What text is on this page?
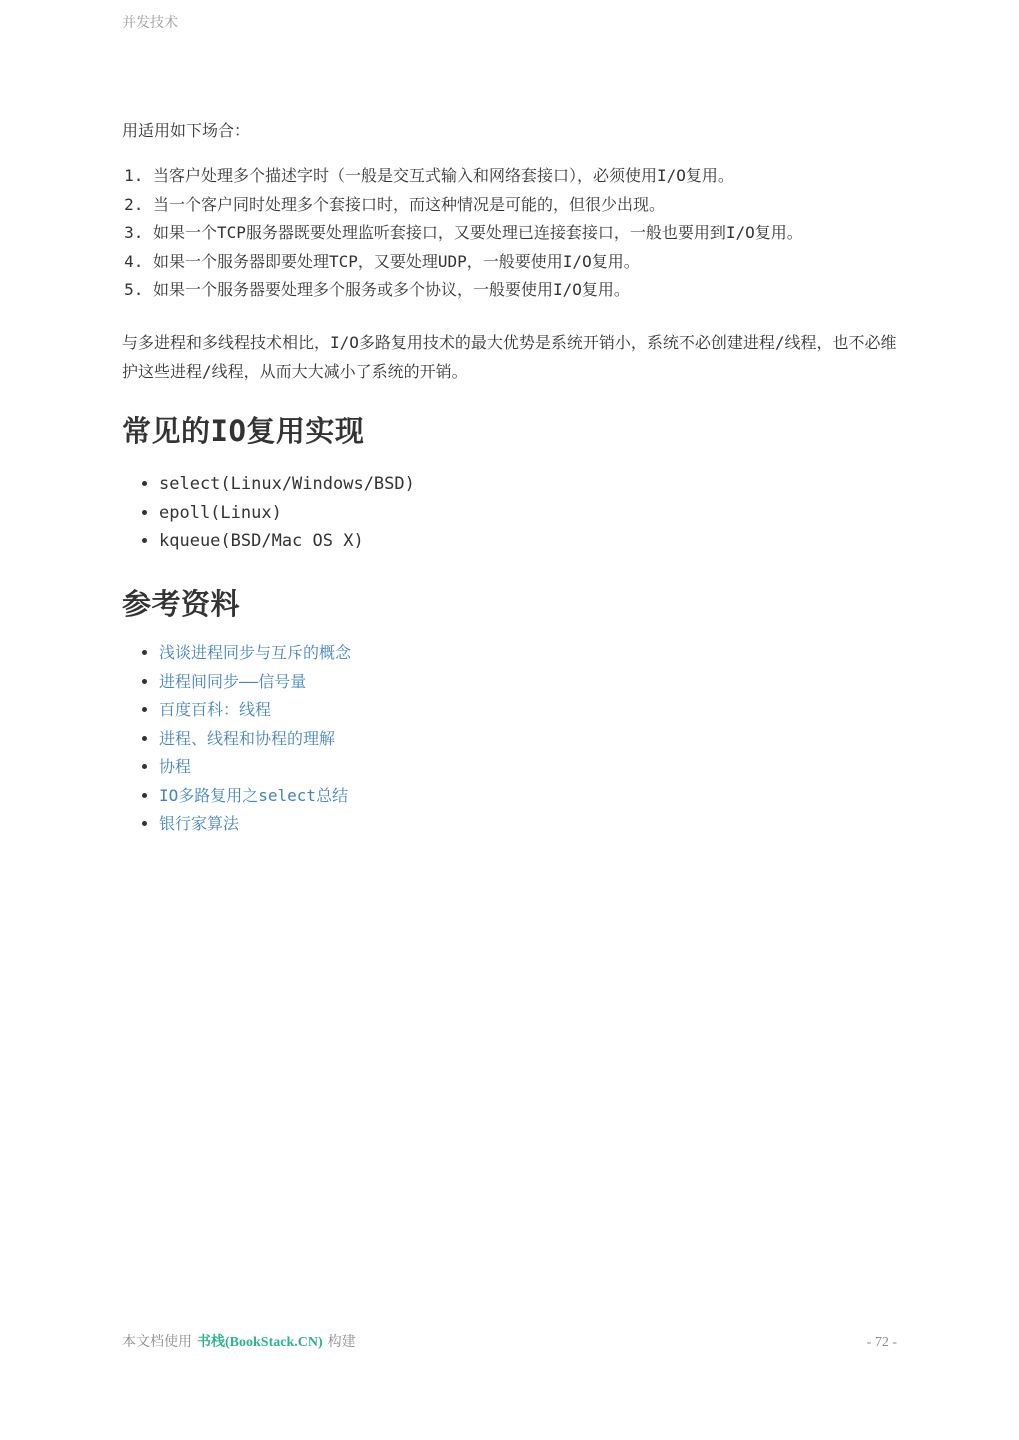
并发技术
用适用如下场合：
1. 当客户处理多个描述字时（一般是交互式输入和网络套接口），必须使用I/O复用。
2. 当一个客户同时处理多个套接口时，而这种情况是可能的，但很少出现。
3. 如果一个TCP服务器既要处理监听套接口，又要处理已连接套接口，一般也要用到I/O复用。
4. 如果一个服务器即要处理TCP，又要处理UDP，一般要使用I/O复用。
5. 如果一个服务器要处理多个服务或多个协议，一般要使用I/O复用。
与多进程和多线程技术相比，I/O多路复用技术的最大优势是系统开销小，系统不必创建进程/线程，也不必维护这些进程/线程，从而大大减小了系统的开销。
常见的IO复用实现
• select(Linux/Windows/BSD)
• epoll(Linux)
• kqueue(BSD/Mac OS X)
参考资料
• 浅谈进程同步与互斥的概念
• 进程间同步——信号量
• 百度百科：线程
• 进程、线程和协程的理解
• 协程
• IO多路复用之select总结
• 银行家算法
本文档使用 书栈(BookStack.CN) 构建	- 72 -
